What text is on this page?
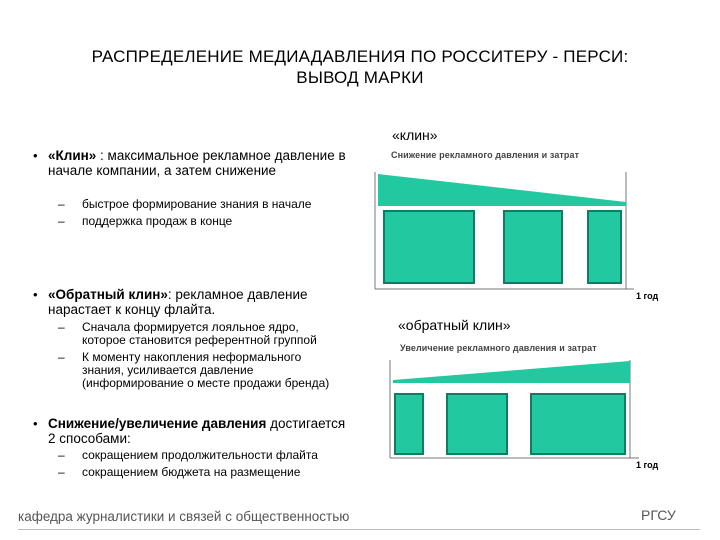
РАСПРЕДЕЛЕНИЕ МЕДИАДАВЛЕНИЯ ПО РОССИТЕРУ - ПЕРСИ:
ВЫВОД МАРКИ
• «Клин» : максимальное рекламное давление в начале компании, а затем снижение
– быстрое формирование знания в начале
– поддержка продаж в конце
• «Обратный клин»: рекламное давление нарастает к концу флайта.
– Сначала формируется лояльное ядро,
которое становится референтной группой
– К моменту накопления неформального
знания, усиливается давление
(информирование о месте продажи бренда)
• Снижение/увеличение давления достигается 2 способами:
– сокращением продолжительности флайта
– сокращением бюджета на размещение
«клин»
Снижение рекламного давления и затрат
1 год
«обратный клин»
Увеличение рекламного давления и затрат
1 год
кафедра журналистики и связей с общественностью	РГСУ
